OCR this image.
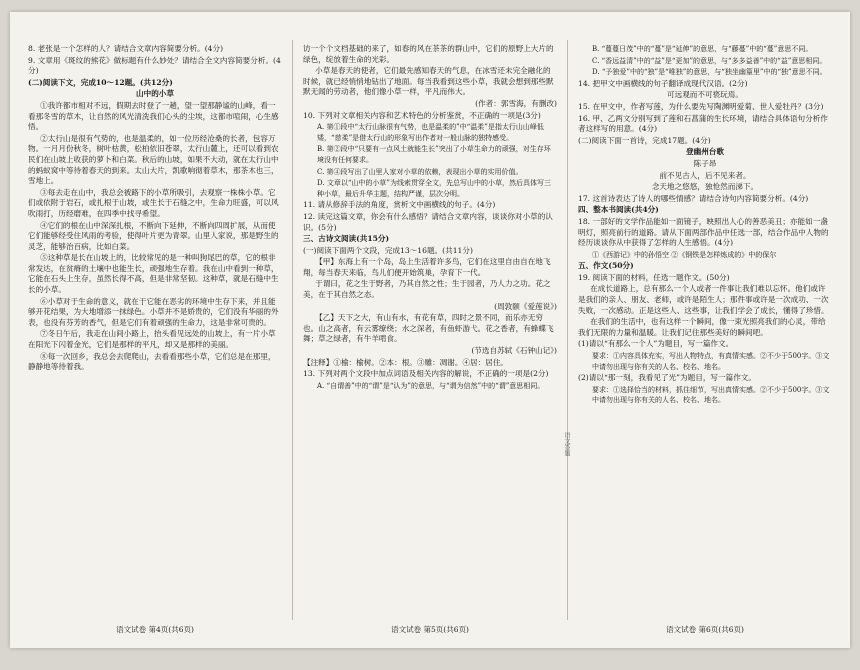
8. 老张是一个怎样的人？请结合文章内容简要分析。(4分)

9. 文章用《斑纹的熊花》做标题有什么妙处？请结合全文内容简要分析。(4分)

(二)阅读下文，完成10～12题。(共12分)

山中的小草

①我许都市相对不远，假期去时登了一趟，望一望那静谧的山峰，看一看那冬雪的草木，让自然的风光清洗我们心头的尘埃，这都市喧闹，心生感悟。

②太行山是很有气势的，也是温柔的，如一位历经沧桑的长者，包容万物。一月月份秋冬，树叶枯黄，松柏依旧苍翠，太行山麓上，还可以看到农民们在山坡上收获的萝卜和白菜。秋后的山坡，如果不大动，就在太行山中的蚂蚁窝中等待着春天的到来。太山大片，凯歌响彻着草木，那茶木也三，雪地上。

③每去走在山中，我总会被路下的小草所吸引，去观察一株株小草。它们或依附于岩石，或扎根于山坡，或生长于石缝之中，生命力旺盛，可以风吹雨打，历经磨难，在四季中找寻希望。

④它们的根在山中深深扎根，不断向下延伸，不断向四周扩展，从而使它们能够经受住风雨的考验，使得叶片更为青翠。山里人家说，那是野生的灵芝，能够治百病，比如白菜。

⑤这种草是长在山坡上的，比较常见的是一种叫狗尾巴的草，它的根非常发达，在贫瘠的土壤中也能生长，顽强地生存着。我在山中看到一种草，它能在石头上生存，虽然长得不高，但是非常坚韧。这种草，就是石缝中生长的小草。

⑥小草对于生命的意义，就在于它能在恶劣的环境中生存下来，并且能够开花结果，为大地增添一抹绿色。小草并不是娇贵的，它们没有华丽的外表，也没有芬芳的香气，但是它们有着顽强的生命力，这是非常可贵的。

⑦冬日午后，我走在山间小路上，抬头看见远处的山坡上，有一片小草在阳光下闪着金光，它们是那样的平凡，却又是那样的美丽。

⑧每一次回乡，我总会去爬爬山，去看看那些小草，它们总是在那里，静静地等待着我。

访一个个文档基础的来了，如春的风在茶茶的群山中，它们的原野上大片的绿色，绽放着生命的光彩。

小草是春天的使者，它们最先感知春天的气息，在冰雪还未完全融化的时候，就已经悄悄地钻出了地面。每当我看到这些小草，我就会想到那些默默无闻的劳动者，他们像小草一样，平凡而伟大。

(作者：郭雪海，有删改)

10. 下列对文章相关内容和艺术特色的分析鉴赏，不正确的一项是(3分)

A. 第①段中“太行山脉很有气势，也是温柔的”中“温柔”是指太行山山峰低矮，“慈柔”是借太行山的形象写出作者对一般山脉的独特感受。

B. 第②段中“只要有一点风土就能生长”突出了小草生命力的顽强，对生存环境没有任何要求。

C. 第④段写出了山里人家对小草的依赖，表现出小草的实用价值。

D. 文章以“山中的小草”为线索贯穿全文，先总写山中的小草，然后具体写三种小草，最后升华主题，结构严谨，层次分明。

11. 请从修辞手法的角度，赏析文中画横线的句子。(4分)

12. 读完这篇文章，你会有什么感悟？请结合文章内容，谈谈你对小草的认识。(5分)

三、古诗文阅读(共15分)

(一)阅读下面两个文段，完成13～16题。(共11分)

【甲】东海上有一个岛，岛上生活着许多鸟，它们在这里自由自在地飞翔，每当春天来临，鸟儿们便开始筑巢，孕育下一代。

于谓曰，花之生于野者，乃其自然之性；生于园者，乃人力之功。花之美，在于其自然之态。

(周敦颐《爱莲说》)

【乙】天下之大，有山有水，有花有草，四时之景不同，而乐亦无穷也。山之高者，有云雾缭绕；水之深者，有鱼虾游弋。花之香者，有蜂蝶飞舞；草之绿者，有牛羊啃食。

(节选自苏轼《石钟山记》)

【注释】①榆：榆树。②本：根。③雕：凋谢。④居：居住。

13. 下列对两个文段中加点词语及相关内容的解说，不正确的一项是(2分)

A. “自谓善”中的“谓”是“认为”的意思，与“谓为信然”中的“谓”意思相同。

B. “蔓蔓日茂”中的“蔓”是“延伸”的意思，与“藤蔓”中的“蔓”意思不同。

C. “香远益清”中的“益”是“更加”的意思，与“多多益善”中的“益”意思相同。

D. “予独爱”中的“独”是“唯独”的意思，与“独坐幽篁里”中的“独”意思不同。

14. 把甲文中画横线的句子翻译成现代汉语。(2分)

可远观而不可亵玩焉。

15. 在甲文中，作者写莲，为什么要先写陶渊明爱菊、世人爱牡丹？(3分)

16. 甲、乙两文分别写到了莲和石菖蒲的生长环境，请结合具体语句分析作者这样写的用意。(4分)

(二)阅读下面一首诗，完成17题。(4分)

登幽州台歌

陈子昂

前不见古人，后不见来者。

念天地之悠悠，独怆然而涕下。

17. 这首诗表达了诗人的哪些情感？请结合诗句内容简要分析。(4分)

四、整本书阅读(共4分)

18. 一部好的文学作品能如一面镜子，映照出人心的善恶美丑；亦能如一盏明灯，照亮前行的道路。请从下面两部作品中任选一部，结合作品中人物的经历谈谈你从中获得了怎样的人生感悟。(4分)

①《西游记》中的孙悟空 ②《钢铁是怎样炼成的》中的保尔

五、作文(50分)

19. 阅读下面的材料，任选一题作文。(50分)

在成长道路上，总有那么一个人或者一件事让我们难以忘怀。他们或许是我们的亲人、朋友、老师，或许是陌生人；那件事或许是一次成功、一次失败，一次感动。正是这些人、这些事，让我们学会了成长，懂得了珍惜。

在我们的生活中，也有这样一个瞬间，像一束光照亮我们的心灵，带给我们无限的力量和温暖。让我们记住那些美好的瞬间吧。

(1)请以“有那么一个人”为题目，写一篇作文。

要求：①内容具体充实，写出人物特点，有真情实感。②不少于500字。③文中请勿出现与你有关的人名、校名、地名。

(2)请以“那一刻，我看见了光”为题目，写一篇作文。

要求：①选择恰当的材料，抓住细节，写出真情实感。②不少于500字。③文中请勿出现与你有关的人名、校名、地名。

语文试卷 第4页(共6页)	语文试卷 第5页(共6页)	语文试卷 第6页(共6页)
语文答题
